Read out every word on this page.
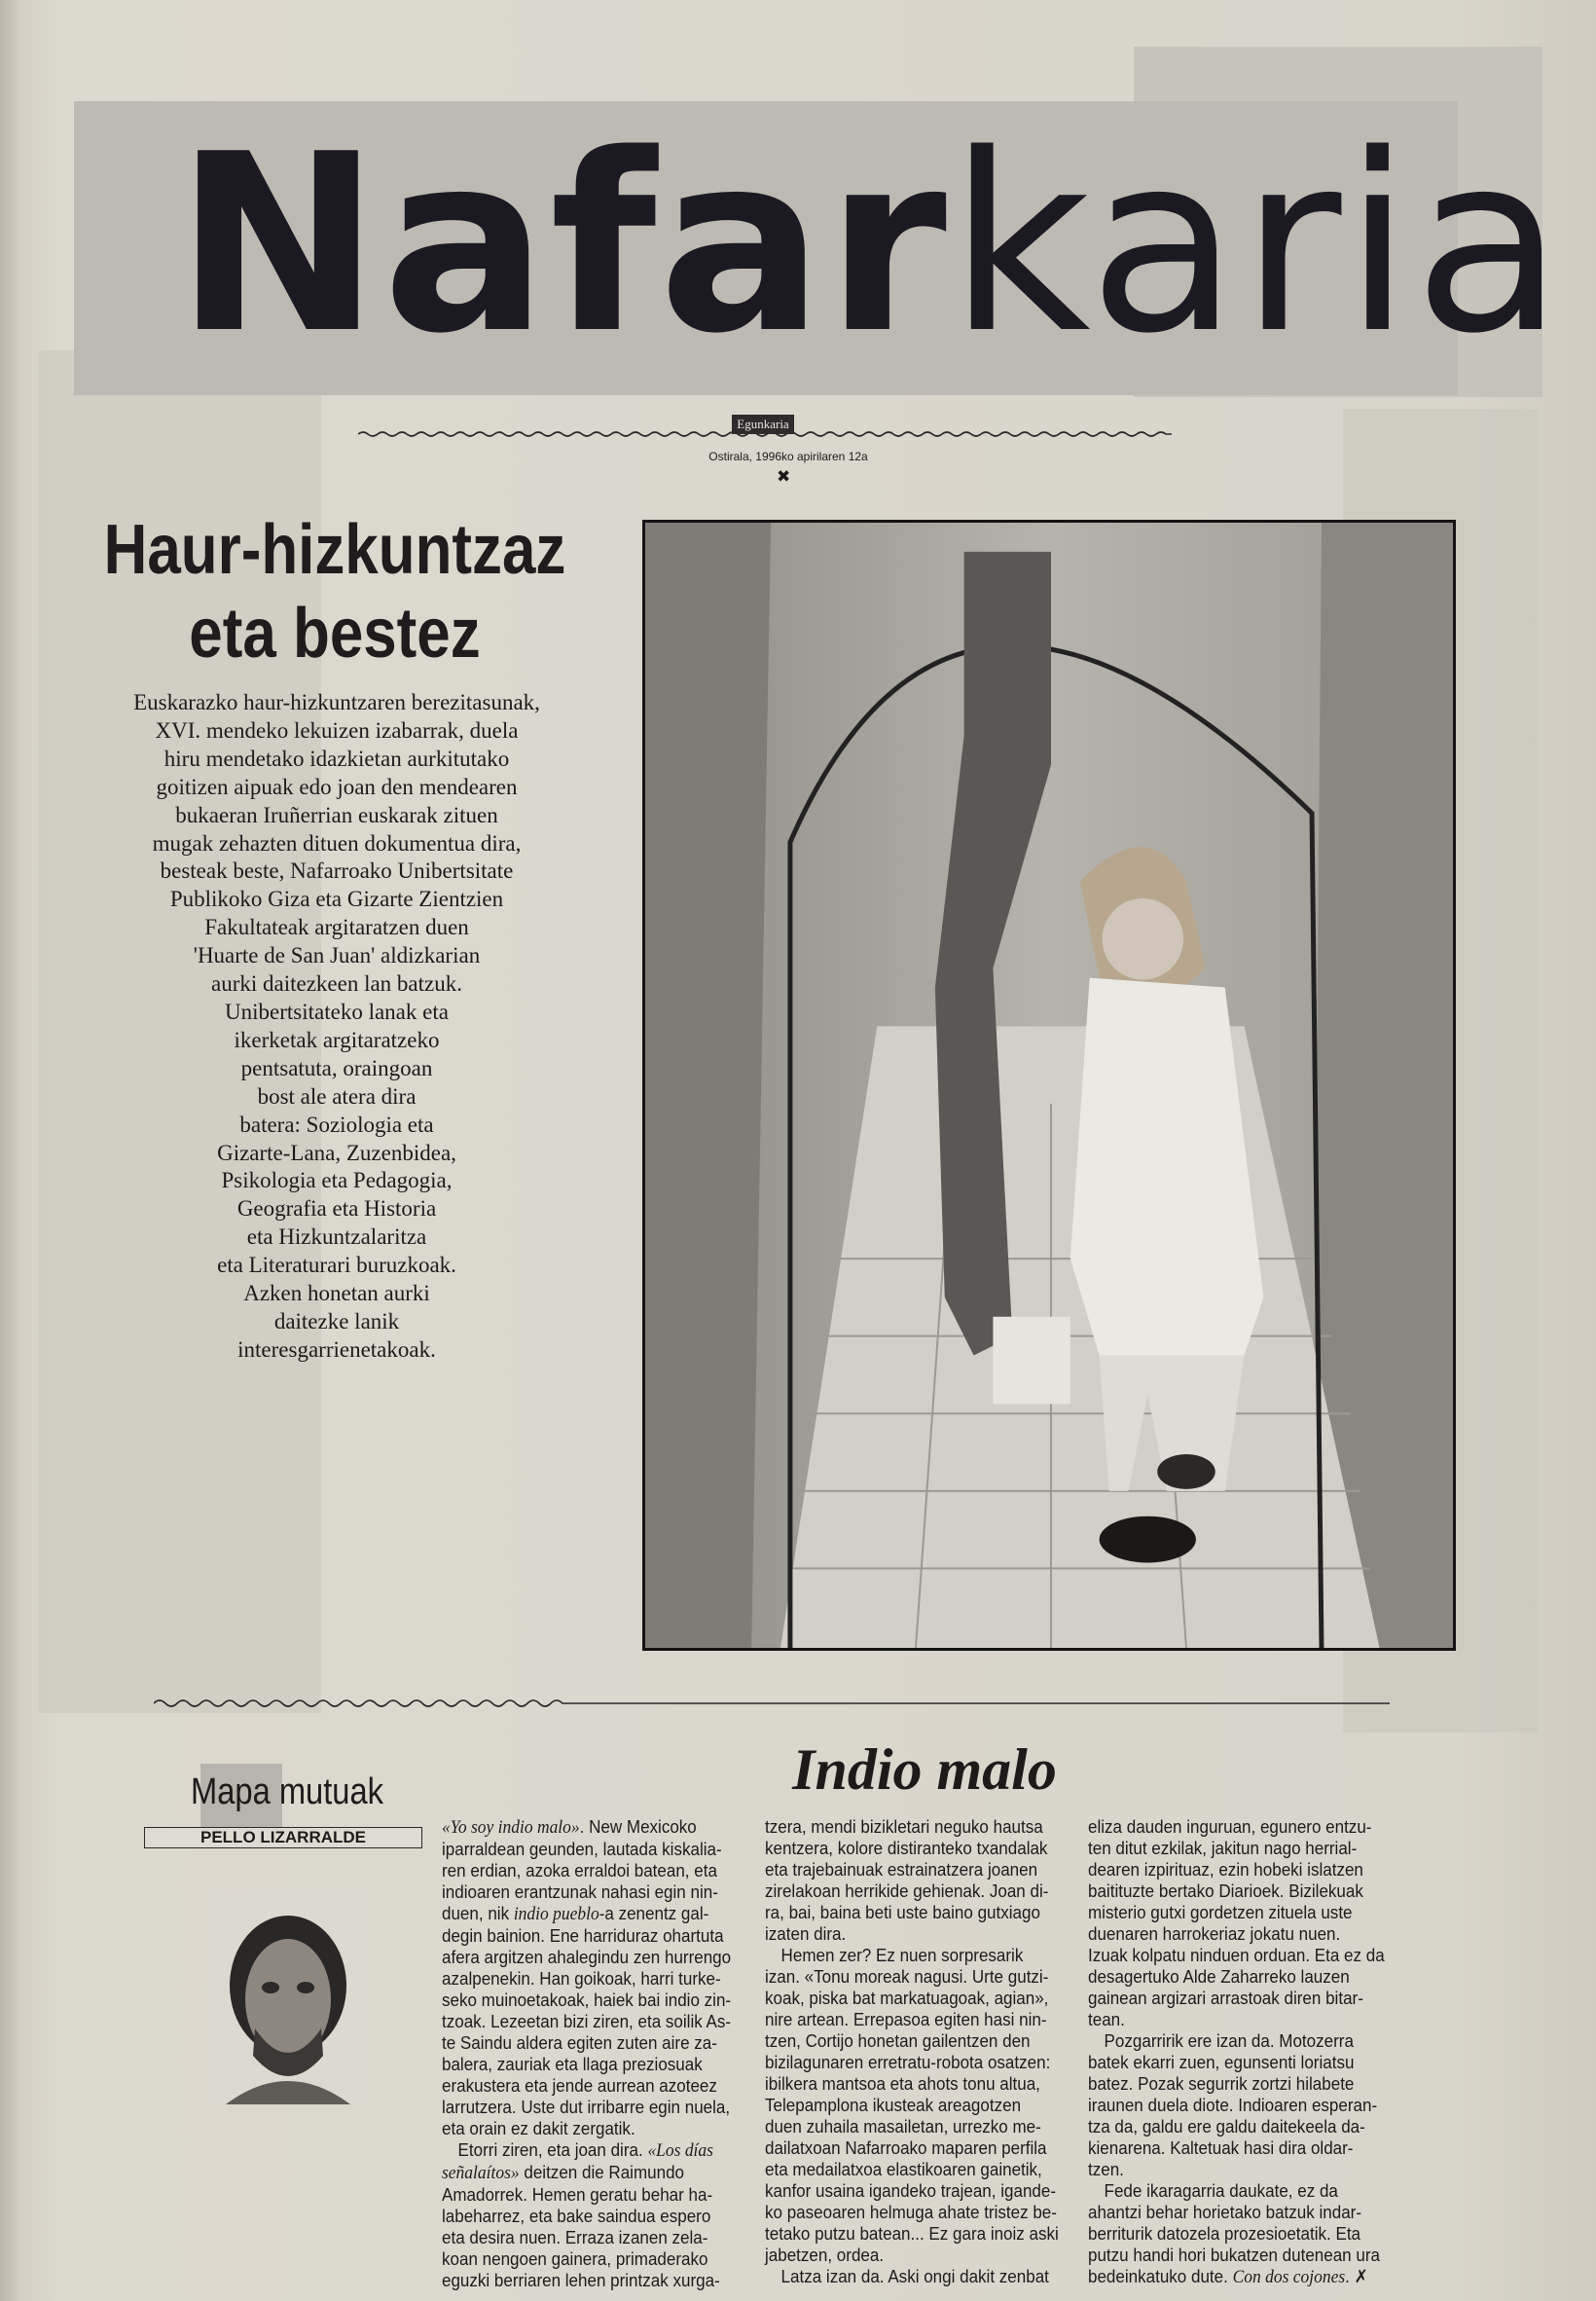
Nafarkaria
Egunkaria
Ostirala, 1996ko apirilaren 12a
✖
Haur-hizkuntzaz
eta bestez
Euskarazko haur-hizkuntzaren berezitasunak,
XVI. mendeko lekuizen izabarrak, duela
hiru mendetako idazkietan aurkitutako
goitizen aipuak edo joan den mendearen
bukaeran Iruñerrian euskarak zituen
mugak zehazten dituen dokumentua dira,
besteak beste, Nafarroako Unibertsitate
Publikoko Giza eta Gizarte Zientzien
Fakultateak argitaratzen duen
'Huarte de San Juan' aldizkarian
aurki daitezkeen lan batzuk.
Unibertsitateko lanak eta
ikerketak argitaratzeko
pentsatuta, oraingoan
bost ale atera dira
batera: Soziologia eta
Gizarte-Lana, Zuzenbidea,
Psikologia eta Pedagogia,
Geografia eta Historia
eta Hizkuntzalaritza
eta Literaturari buruzkoak.
Azken honetan aurki
daitezke lanik
interesgarrienetakoak.
Mapa mutuak
PELLO LIZARRALDE
Indio malo
«Yo soy indio malo». New Mexicoko
iparraldean geunden, lautada kiskalia-
ren erdian, azoka erraldoi batean, eta
indioaren erantzunak nahasi egin nin-
duen, nik indio pueblo-a zenentz gal-
degin bainion. Ene harriduraz ohartuta
afera argitzen ahalegindu zen hurrengo
azalpenekin. Han goikoak, harri turke-
seko muinoetakoak, haiek bai indio zin-
tzoak. Lezeetan bizi ziren, eta soilik As-
te Saindu aldera egiten zuten aire za-
balera, zauriak eta llaga preziosuak
erakustera eta jende aurrean azoteez
larrutzera. Uste dut irribarre egin nuela,
eta orain ez dakit zergatik.
Etorri ziren, eta joan dira. «Los días
señalaítos» deitzen die Raimundo
Amadorrek. Hemen geratu behar ha-
labeharrez, eta bake saindua espero
eta desira nuen. Erraza izanen zela-
koan nengoen gainera, primaderako
eguzki berriaren lehen printzak xurga-
tzera, mendi bizikletari neguko hautsa
kentzera, kolore distiranteko txandalak
eta trajebainuak estrainatzera joanen
zirelakoan herrikide gehienak. Joan di-
ra, bai, baina beti uste baino gutxiago
izaten dira.
Hemen zer? Ez nuen sorpresarik
izan. «Tonu moreak nagusi. Urte gutzi-
koak, piska bat markatuagoak, agian»,
nire artean. Errepasoa egiten hasi nin-
tzen, Cortijo honetan gailentzen den
bizilagunaren erretratu-robota osatzen:
ibilkera mantsoa eta ahots tonu altua,
Telepamplona ikusteak areagotzen
duen zuhaila masailetan, urrezko me-
dailatxoan Nafarroako maparen perfila
eta medailatxoa elastikoaren gainetik,
kanfor usaina igandeko trajean, igande-
ko paseoaren helmuga ahate tristez be-
tetako putzu batean... Ez gara inoiz aski
jabetzen, ordea.
Latza izan da. Aski ongi dakit zenbat
eliza dauden inguruan, egunero entzu-
ten ditut ezkilak, jakitun nago herrial-
dearen izpirituaz, ezin hobeki islatzen
baitituzte bertako Diarioek. Bizilekuak
misterio gutxi gordetzen zituela uste
duenaren harrokeriaz jokatu nuen.
Izuak kolpatu ninduen orduan. Eta ez da
desagertuko Alde Zaharreko lauzen
gainean argizari arrastoak diren bitar-
tean.
Pozgarririk ere izan da. Motozerra
batek ekarri zuen, egunsenti loriatsu
batez. Pozak segurrik zortzi hilabete
iraunen duela diote. Indioaren esperan-
tza da, galdu ere galdu daitekeela da-
kienarena. Kaltetuak hasi dira oldar-
tzen.
Fede ikaragarria daukate, ez da
ahantzi behar horietako batzuk indar-
berriturik datozela prozesioetatik. Eta
putzu handi hori bukatzen dutenean ura
bedeinkatuko dute. Con dos cojones. ✗
